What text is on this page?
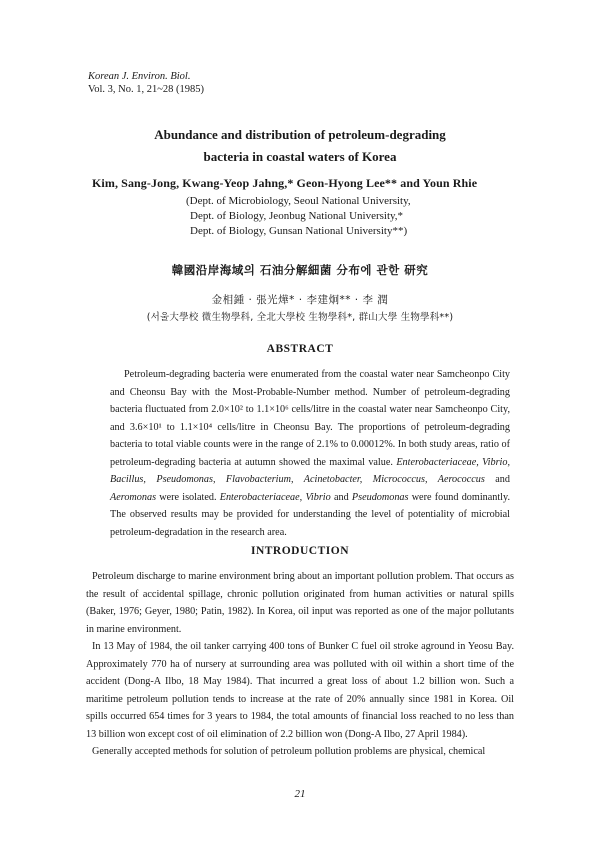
Korean J. Environ. Biol.
Vol. 3, No. 1, 21~28 (1985)
Abundance and distribution of petroleum-degrading
bacteria in coastal waters of Korea
Kim, Sang-Jong, Kwang-Yeop Jahng,* Geon-Hyong Lee** and Youn Rhie
(Dept. of Microbiology, Seoul National University,
Dept. of Biology, Jeonbug National University,*
Dept. of Biology, Gunsan National University**)
韓國沿岸海域의 石油分解細菌 分布에 관한 研究
金相鍾 · 張光燁* · 李建炯** · 李 潤
(서울大學校 微生物學科, 全北大學校 生物學科*, 群山大學 生物學科**)
ABSTRACT

Petroleum-degrading bacteria were enumerated from the coastal water near Samcheonpo City and Cheonsu Bay with the Most-Probable-Number method. Number of petroleum-degrading bacteria fluctuated from 2.0×10² to 1.1×10⁶ cells/litre in the coastal water near Samcheonpo City, and 3.6×10¹ to 1.1×10⁴ cells/litre in Cheonsu Bay. The proportions of petroleum-degrading bacteria to total viable counts were in the range of 2.1% to 0.00012%. In both study areas, ratio of petroleum-degrading bacteria at autumn showed the maximal value. Enterobacteriaceae, Vibrio, Bacillus, Pseudomonas, Flavobacterium, Acinetobacter, Micrococcus, Aerococcus and Aeromonas were isolated. Enterobacteriaceae, Vibrio and Pseudomonas were found dominantly. The observed results may be provided for understanding the level of potentiality of microbial petroleum-degradation in the research area.

INTRODUCTION

Petroleum discharge to marine environment bring about an important pollution problem. That occurs as the result of accidental spillage, chronic pollution originated from human activities or natural spills (Baker, 1976; Geyer, 1980; Patin, 1982). In Korea, oil input was reported as one of the major pollutants in marine environment.

In 13 May of 1984, the oil tanker carrying 400 tons of Bunker C fuel oil stroke aground in Yeosu Bay. Approximately 770 ha of nursery at surrounding area was polluted with oil within a short time of the accident (Dong-A Ilbo, 18 May 1984). That incurred a great loss of about 1.2 billion won. Such a maritime petroleum pollution tends to increase at the rate of 20% annually since 1981 in Korea. Oil spills occurred 654 times for 3 years to 1984, the total amounts of financial loss reached to no less than 13 billion won except cost of oil elimination of 2.2 billion won (Dong-A Ilbo, 27 April 1984).

Generally accepted methods for solution of petroleum pollution problems are physical, chemical

21
